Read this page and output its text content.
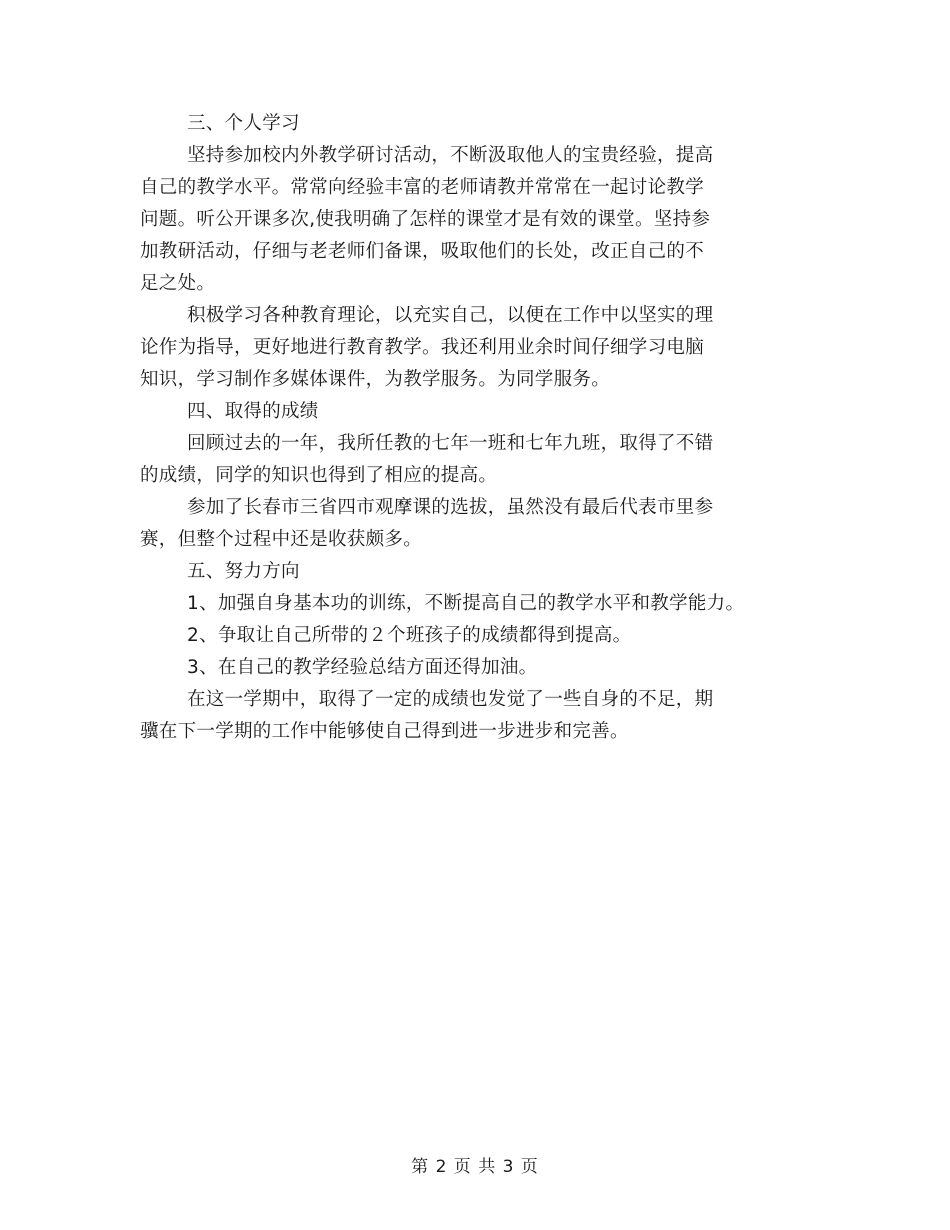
三、个人学习
坚持参加校内外教学研讨活动，不断汲取他人的宝贵经验，提高
自己的教学水平。常常向经验丰富的老师请教并常常在一起讨论教学
问题。听公开课多次,使我明确了怎样的课堂才是有效的课堂。坚持参
加教研活动，仔细与老老师们备课，吸取他们的长处，改正自己的不
足之处。
积极学习各种教育理论，以充实自己，以便在工作中以坚实的理
论作为指导，更好地进行教育教学。我还利用业余时间仔细学习电脑
知识，学习制作多媒体课件，为教学服务。为同学服务。
四、取得的成绩
回顾过去的一年，我所任教的七年一班和七年九班，取得了不错
的成绩，同学的知识也得到了相应的提高。
参加了长春市三省四市观摩课的选拔，虽然没有最后代表市里参
赛，但整个过程中还是收获颇多。
五、努力方向
1、加强自身基本功的训练，不断提高自己的教学水平和教学能力。
2、争取让自己所带的２个班孩子的成绩都得到提高。
3、在自己的教学经验总结方面还得加油。
在这一学期中，取得了一定的成绩也发觉了一些自身的不足，期
骥在下一学期的工作中能够使自己得到进一步进步和完善。
第 2 页 共 3 页
